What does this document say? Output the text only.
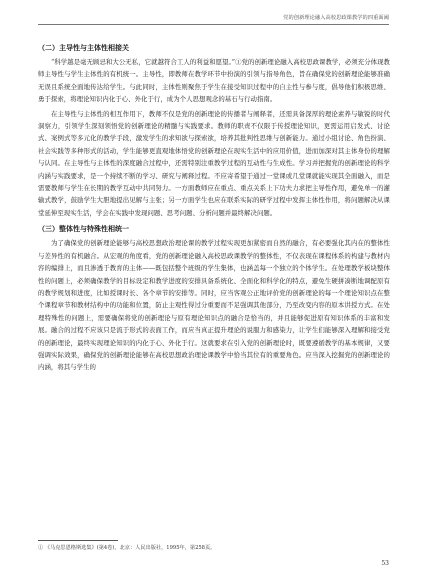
党的创新理论融入高校思政课教学的四重面阈
（二）主导性与主体性相接关

“科学越是毫无顾忌和大公无私，它就越符合工人的利益和愿望。”①党的创新理论融入高校思政课教学，必须充分体现教师主导性与学生主体性的有机统一。主导性，即教师在教学环节中扮演的引领与指导角色，旨在确保党的创新理论能够准确无误且系统全面地传达给学生。与此同时，主体性则聚焦于学生在接受知识过程中的自主性与参与度，倡导他们积极思维、勇于探索，将理论知识内化于心、外化于行，成为个人思想观念的基石与行动指南。

在主导性与主体性的相互作用下，教师不仅是党的创新理论的传播者与阐释者，还需具备深厚的理论素养与敏锐的时代洞察力，引领学生深刻领悟党的创新理论的精髓与实践要求。教师的职责不仅限于传授理论知识，更需运用启发式、讨论式、案例式等多元化的教学手段，激发学生的求知欲与探索欲，培养其批判性思维与创新能力。通过小组讨论、角色扮演、社会实践等多种形式的活动，学生能够更直观地体悟党的创新理论在现实生活中的应用价值，进而加深对其主体身份的理解与认同。在主导性与主体性的深度融合过程中，还需特别注重教学过程的互动性与生成性。学习并把握党的创新理论的科学内涵与实践要求，是一个持续不断的学习、研究与阐释过程。不应寄希望于通过一堂课或几堂课就能实现其全面融入，而是需要教师与学生在长期的教学互动中共同努力。一方面教师应在重点、重点关系上下功夫力求把主导性作用，避免单一的灌输式教学，鼓励学生大胆地提出见解与主张；另一方面学生也应在联系实际的研学过程中发挥主体性作用，将问题解决从课堂延伸至现实生活，学会在实践中发现问题、思考问题、分析问题并最终解决问题。

（三）整体性与特殊性相统一

为了确保党的创新理论能够与高校思想政治理论课的教学过程实现更加紧密而自然的融合，有必要强化其内在的整体性与差异性的有机融合。从宏观的角度看，党的创新理论融入高校思政课教学的整体性，不仅表现在课程体系的构建与教材内容的编排上，而且渗透于教育的主体——既包括整个班级的学生集体，也涵盖每一个独立的个体学生。在处理教学板块整体性的问题上，必须确保教学的目标设定和教学进度的安排具备系统化、全面化和科学化的特点，避免生硬拼凑断地调配原有的教学规划和进度，比如授课时长、各个章节的安排等。同时，应当客观公正地评价党的创新理论的每一个理论知识点在整个课程章节和教材结构中的功能和位置，防止主观性得过分重要而不足强调其他部分，乃至改变内容的原本讲授方式。在处理特殊性的问题上，需要确保将党的创新理论与原有理论知识点的融合是恰当的，并且能够促进原有知识体系的丰富和发展。融合的过程不应该只是流于形式的表面工作，而应当真正提升理论的说服力和感染力，让学生们能够深入理解和接受党的创新理论，最终实现理论知识的内化于心、外化于行。这就要求在引入党的创新理论时，既要遵循教学的基本规律，又要强调实际效果，确保党的创新理论能够在高校思想政治理论课教学中恰当其位有的重要角色。应当深入挖掘党的创新理论的内涵，将其与学生的

① 《马克思恩格斯选集》(第4卷)，北京：人民出版社，1995年，第258页。
53
